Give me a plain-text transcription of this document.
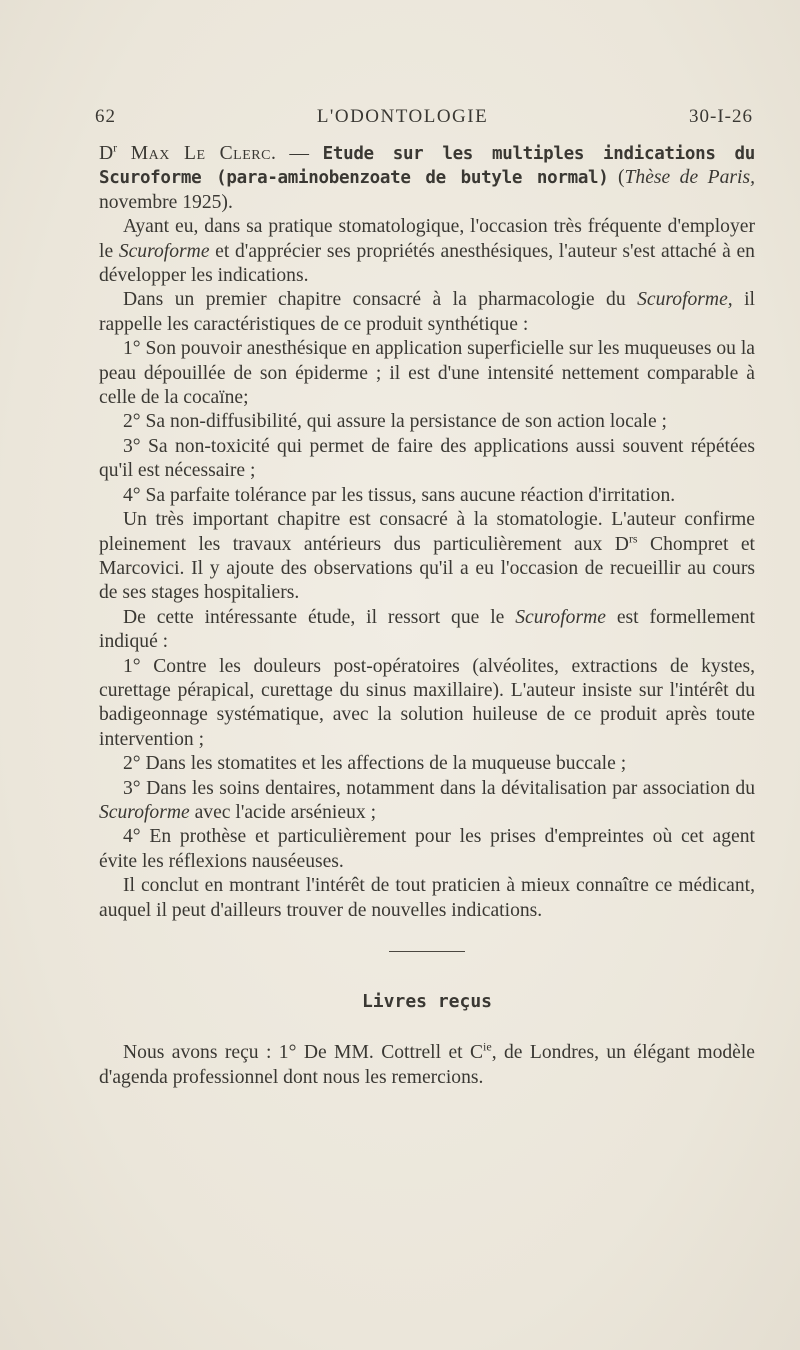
62	L'ODONTOLOGIE	30-I-26

$D^r$ Max Le Clerc. — Etude sur les multiples indications du Scuroforme (para-aminobenzoate de butyle normal) (Thèse de Paris, novembre 1925).

Ayant eu, dans sa pratique stomatologique, l'occasion très fréquente d'employer le Scuroforme et d'apprécier ses propriétés anesthésiques, l'auteur s'est attaché à en développer les indications.

Dans un premier chapitre consacré à la pharmacologie du Scuroforme, il rappelle les caractéristiques de ce produit synthétique :

1° Son pouvoir anesthésique en application superficielle sur les muqueuses ou la peau dépouillée de son épiderme ; il est d'une intensité nettement comparable à celle de la cocaïne;

2° Sa non-diffusibilité, qui assure la persistance de son action locale ;

3° Sa non-toxicité qui permet de faire des applications aussi souvent répétées qu'il est nécessaire ;

4° Sa parfaite tolérance par les tissus, sans aucune réaction d'irritation.

Un très important chapitre est consacré à la stomatologie. L'auteur confirme pleinement les travaux antérieurs dus particulièrement aux $D^{rs}$ Chompret et Marcovici. Il y ajoute des observations qu'il a eu l'occasion de recueillir au cours de ses stages hospitaliers.

De cette intéressante étude, il ressort que le Scuroforme est formellement indiqué :

1° Contre les douleurs post-opératoires (alvéolites, extractions de kystes, curettage pérapical, curettage du sinus maxillaire). L'auteur insiste sur l'intérêt du badigeonnage systématique, avec la solution huileuse de ce produit après toute intervention ;

2° Dans les stomatites et les affections de la muqueuse buccale ;

3° Dans les soins dentaires, notamment dans la dévitalisation par association du Scuroforme avec l'acide arsénieux ;

4° En prothèse et particulièrement pour les prises d'empreintes où cet agent évite les réflexions nauséeuses.

Il conclut en montrant l'intérêt de tout praticien à mieux connaître ce médicant, auquel il peut d'ailleurs trouver de nouvelles indications.

Livres reçus

Nous avons reçu : 1° De MM. Cottrell et $C^{ie}$, de Londres, un élégant modèle d'agenda professionnel dont nous les remercions.
